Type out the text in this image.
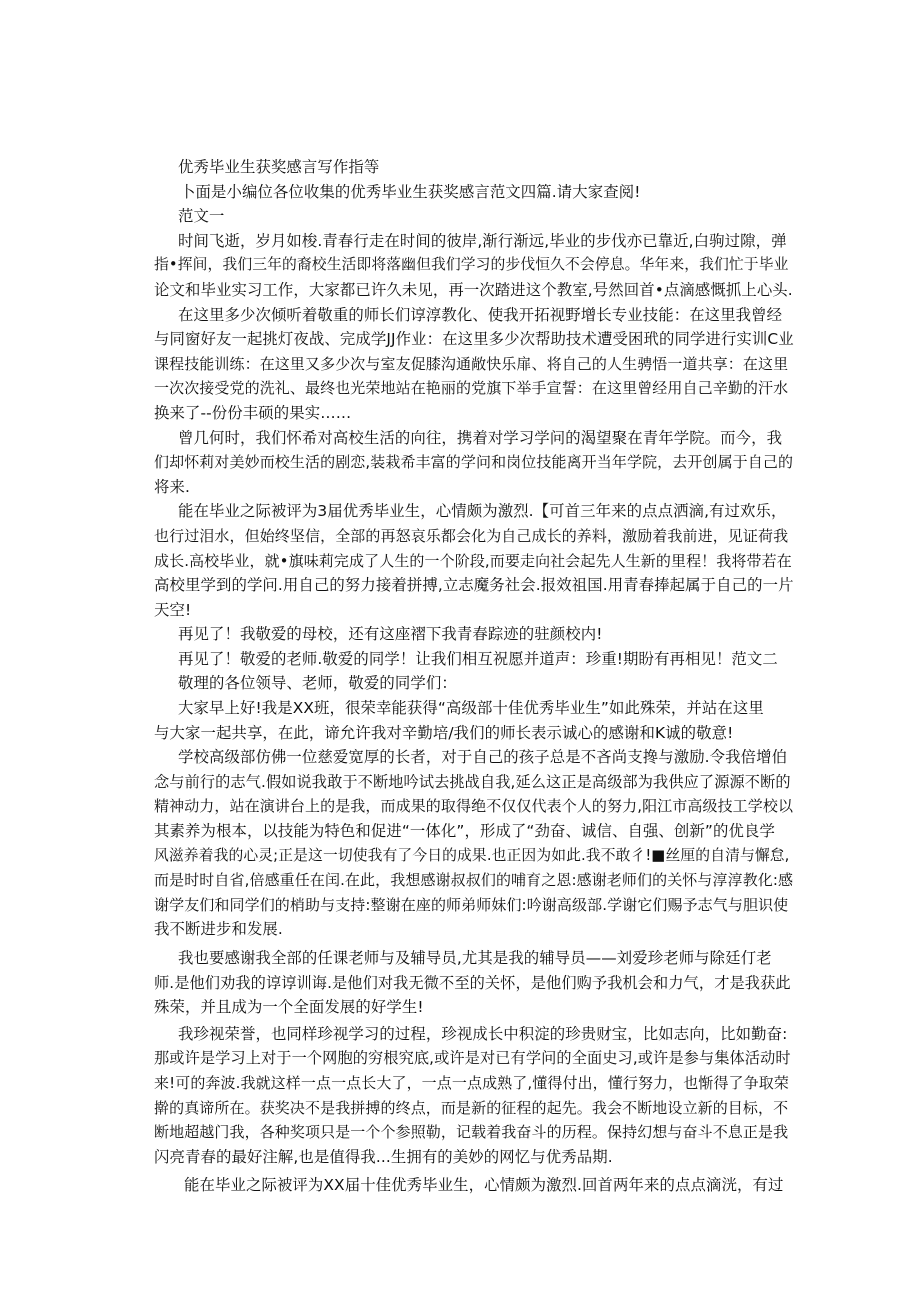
优秀毕业生获奖感言写作指等
卜面是小编位各位收集的优秀毕业生获奖感言范文四篇.请大家查阅!
范文一
时间飞逝，岁月如梭.青春行走在时间的彼岸,渐行渐远,毕业的步伐亦已靠近,白驹过隙，弹
指•挥间，我们三年的裔校生活即将落幽但我们学习的步伐恒久不会停息。华年来，我们忙于毕业
论文和毕业实习工作，大家都已许久未见，再一次踏进这个教室,号然回首•点滴感慨抓上心头.
在这里多少次倾听着敬重的师长们谆淳教化、使我开拓视野增长专业技能：在这里我曾经
与同窗好友一起挑灯夜战、完成学JJ作业：在这里多少次帮助技术遭受困玳的同学进行实训C业
课程技能训练：在这里又多少次与室友促膝沟通敞快乐扉、将自己的人生骋悟一道共享：在这里
一次次接受党的洗礼、最终也光荣地站在艳丽的党旗下举手宣誓：在这里曾经用自己辛勤的汗水
换来了--份份丰硕的果实……
曾几何时，我们怀希对高校生活的向往，携着对学习学问的渴望聚在青年学院。而今，我
们却怀莉对美妙而校生活的剧恋,装栽希丰富的学问和岗位技能离开当年学院，去开创属于自己的
将来.
能在毕业之际被评为3届优秀毕业生，心情颇为激烈.【可首三年来的点点洒滴,有过欢乐，
也行过泪水，但始终坚信，全部的再怒哀乐都会化为自己成长的养料，激励着我前进，见证荷我
成长.高校毕业，就•旗味莉完成了人生的一个阶段,而要走向社会起先人生新的里程！我将带若在
高校里学到的学问.用自己的努力接着拼搏,立志魔务社会.报效祖国.用青春捧起属于自己的一片
天空!
再见了！我敬爱的母校，还有这座褶下我青春踪迹的驻颜校内!
再见了！敬爱的老师.敬爱的同学！让我们相互祝愿并道声：珍重!期盼有再相见！范文二
敬理的各位领导、老师，敬爱的同学们：
大家早上好!我是XX班，很荣幸能获得“高级部十佳优秀毕业生”如此殊荣，并站在这里
与大家一起共享，在此，谛允许我对辛勤培/我们的师长表示诚心的感谢和K诚的敬意!
学校高级部仿佛一位慈爱宽厚的长者，对于自己的孩子总是不吝尚支搀与激励.令我倍增伯
念与前行的志气.假如说我敢于不断地吟试去挑战自我,延么这正是高级部为我供应了源源不断的
精神动力，站在演讲台上的是我，而成果的取得绝不仅仅代表个人的努力,阳江市高级技工学校以
其素养为根本，以技能为特色和促进“一体化”，形成了“劲奋、诚信、自强、创新”的优良学
风滋养着我的心灵;正是这一切使我有了今日的成果.也正因为如此.我不敢彳!■丝厘的自清与懈怠,
而是时时自省,倍感重任在闰.在此，我想感谢叔叔们的哺育之恩:感谢老师们的关怀与淳淳教化:感
谢学友们和同学们的梢助与支持:整谢在座的师弟师妹们:吟谢高级部.学谢它们赐予志气与胆识使
我不断进步和发展.
我也要感谢我全部的任课老师与及辅导员,尤其是我的辅导员——刘爱珍老师与除廷仃老
师.是他们劝我的谆谆训诲.是他们对我无微不至的关怀，是他们购予我机会和力气，才是我获此
殊荣，并且成为一个全面发展的好学生!
我珍视荣誉，也同样珍视学习的过程，珍视成长中积淀的珍贵财宝，比如志向，比如勤奋:
那或许是学习上对于一个网胞的穷根究底,或许是对已有学问的全面史习,或许是参与集体活动时
来!可的奔波.我就这样一点一点长大了，一点一点成熟了,懂得付出，懂行努力，也惭得了争取荣
擀的真谛所在。获奖决不是我拼搏的终点，而是新的征程的起先。我会不断地设立新的目标，不
断地超越门我，各种奖项只是一个个参照勒，记载着我奋斗的历程。保持幻想与奋斗不息正是我
闪亮青春的最好注解,也是值得我...生拥有的美妙的网忆与优秀品期.
能在毕业之际被评为XX届十佳优秀毕业生，心情颇为激烈.回首两年来的点点滴洸，有过
